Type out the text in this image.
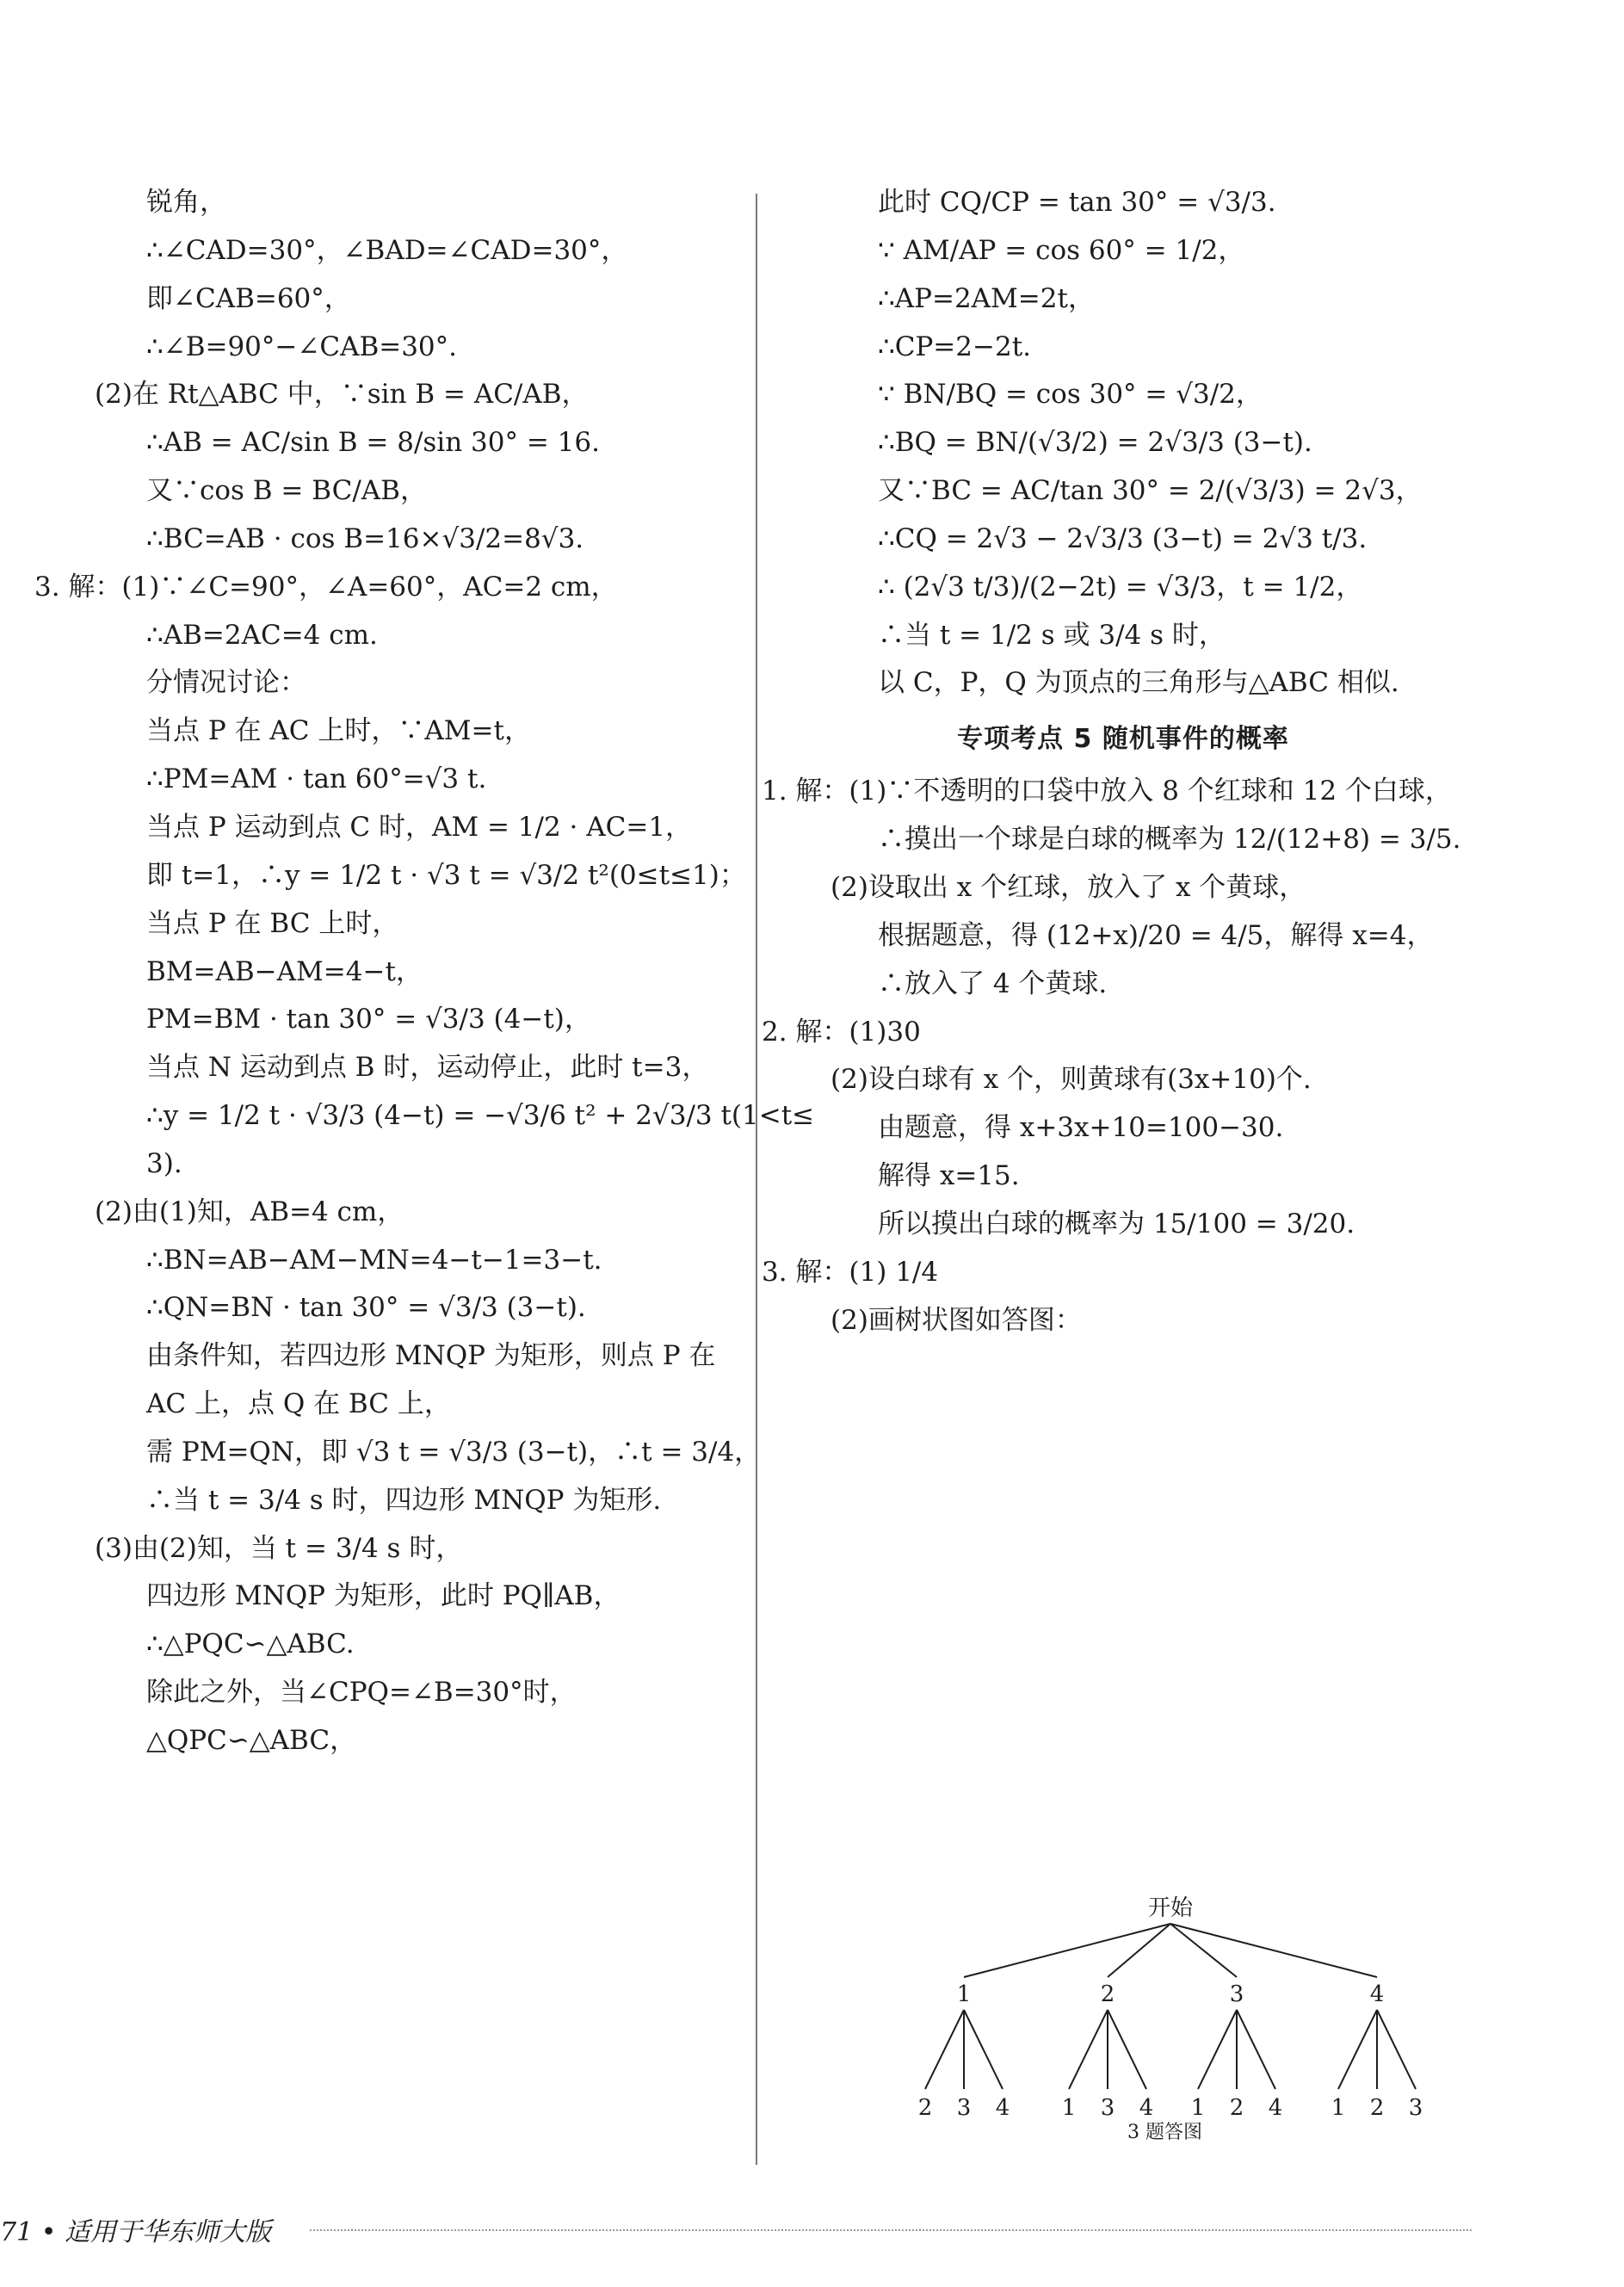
锐角，
∴∠CAD=30°，∠BAD=∠CAD=30°，
即∠CAB=60°，
∴∠B=90°−∠CAB=30°.
(2)在 Rt△ABC 中，∵sin B = AC/AB，
∴AB = AC/sin B = 8/sin 30° = 16.
又∵cos B = BC/AB，
∴BC=AB · cos B=16×√3/2=8√3.
3. 解：(1)∵∠C=90°，∠A=60°，AC=2 cm，
∴AB=2AC=4 cm.
分情况讨论：
当点 P 在 AC 上时，∵AM=t，
∴PM=AM · tan 60°=√3 t.
当点 P 运动到点 C 时，AM = 1/2 · AC=1，
即 t=1，∴y = 1/2 t · √3 t = √3/2 t²(0≤t≤1)；
当点 P 在 BC 上时，
BM=AB−AM=4−t，
PM=BM · tan 30° = √3/3 (4−t)，
当点 N 运动到点 B 时，运动停止，此时 t=3，
∴y = 1/2 t · √3/3 (4−t) = −√3/6 t² + 2√3/3 t(1<t≤
3).
(2)由(1)知，AB=4 cm，
∴BN=AB−AM−MN=4−t−1=3−t.
∴QN=BN · tan 30° = √3/3 (3−t).
由条件知，若四边形 MNQP 为矩形，则点 P 在
AC 上，点 Q 在 BC 上，
需 PM=QN，即 √3 t = √3/3 (3−t)，∴t = 3/4，
∴当 t = 3/4 s 时，四边形 MNQP 为矩形.
(3)由(2)知，当 t = 3/4 s 时，
四边形 MNQP 为矩形，此时 PQ∥AB，
∴△PQC∽△ABC.
除此之外，当∠CPQ=∠B=30°时，
△QPC∽△ABC，
此时 CQ/CP = tan 30° = √3/3.
∵ AM/AP = cos 60° = 1/2，
∴AP=2AM=2t，
∴CP=2−2t.
∵ BN/BQ = cos 30° = √3/2，
∴BQ = BN/(√3/2) = 2√3/3 (3−t).
又∵BC = AC/tan 30° = 2/(√3/3) = 2√3，
∴CQ = 2√3 − 2√3/3 (3−t) = 2√3 t/3.
∴ (2√3 t/3)/(2−2t) = √3/3，t = 1/2，
∴当 t = 1/2 s 或 3/4 s 时，
以 C，P，Q 为顶点的三角形与△ABC 相似.
专项考点 5 随机事件的概率
1. 解：(1)∵不透明的口袋中放入 8 个红球和 12 个白球，
∴摸出一个球是白球的概率为 12/(12+8) = 3/5.
(2)设取出 x 个红球，放入了 x 个黄球，
根据题意，得 (12+x)/20 = 4/5，解得 x=4，
∴放入了 4 个黄球.
2. 解：(1)30
(2)设白球有 x 个，则黄球有(3x+10)个.
由题意，得 x+3x+10=100−30.
解得 x=15.
所以摸出白球的概率为 15/100 = 3/20.
3. 解：(1) 1/4
(2)画树状图如答图：
开始
1
2 3 4
2
1 3 4
3
1 2 4
4
1 2 3
3 题答图
71 • 适用于华东师大版
